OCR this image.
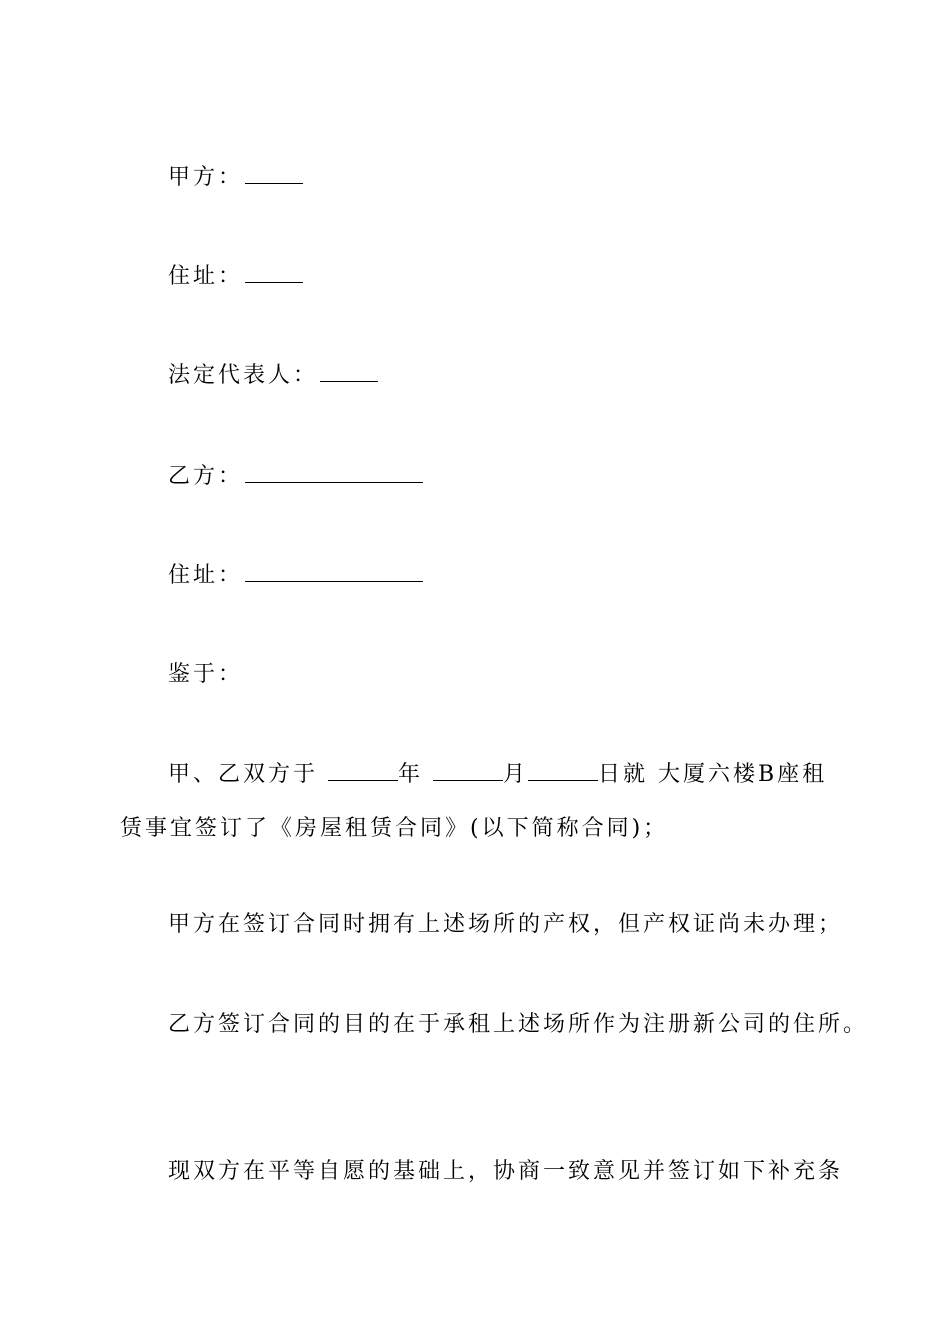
甲方：
住址：
法定代表人：
乙方：
住址：
鉴于：
甲、乙双方于	年	月	日就 大厦六楼B座租
赁事宜签订了《房屋租赁合同》(以下简称合同)；
甲方在签订合同时拥有上述场所的产权，但产权证尚未办理；
乙方签订合同的目的在于承租上述场所作为注册新公司的住所。
现双方在平等自愿的基础上，协商一致意见并签订如下补充条
